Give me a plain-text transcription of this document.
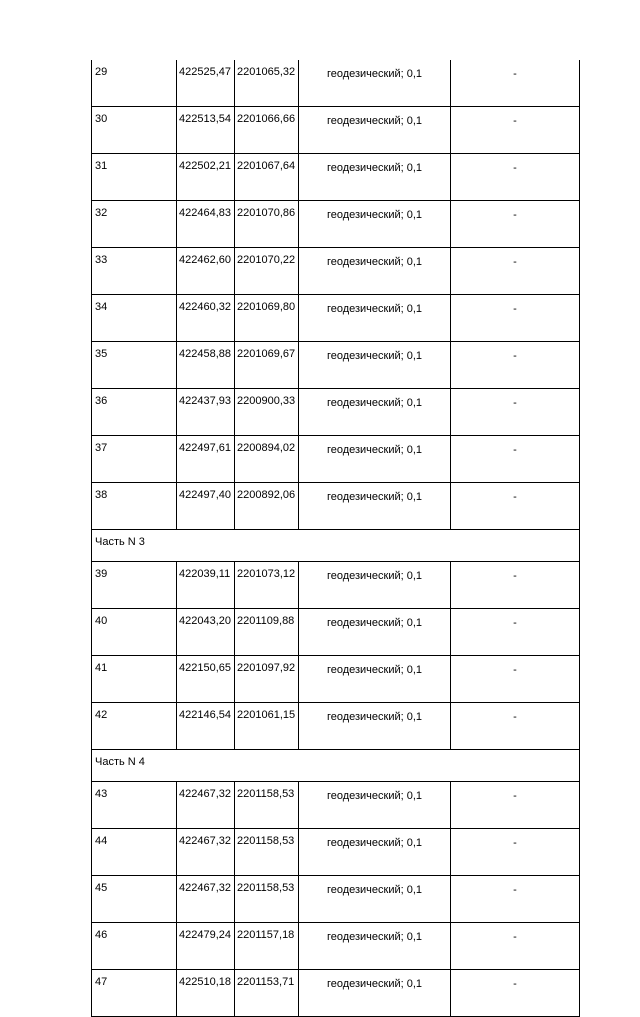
29	422525,47	2201065,32	геодезический; 0,1	-
30	422513,54	2201066,66	геодезический; 0,1	-
31	422502,21	2201067,64	геодезический; 0,1	-
32	422464,83	2201070,86	геодезический; 0,1	-
33	422462,60	2201070,22	геодезический; 0,1	-
34	422460,32	2201069,80	геодезический; 0,1	-
35	422458,88	2201069,67	геодезический; 0,1	-
36	422437,93	2200900,33	геодезический; 0,1	-
37	422497,61	2200894,02	геодезический; 0,1	-
38	422497,40	2200892,06	геодезический; 0,1	-
Часть N 3				
39	422039,11	2201073,12	геодезический; 0,1	-
40	422043,20	2201109,88	геодезический; 0,1	-
41	422150,65	2201097,92	геодезический; 0,1	-
42	422146,54	2201061,15	геодезический; 0,1	-
Часть N 4				
43	422467,32	2201158,53	геодезический; 0,1	-
44	422467,32	2201158,53	геодезический; 0,1	-
45	422467,32	2201158,53	геодезический; 0,1	-
46	422479,24	2201157,18	геодезический; 0,1	-
47	422510,18	2201153,71	геодезический; 0,1	-
